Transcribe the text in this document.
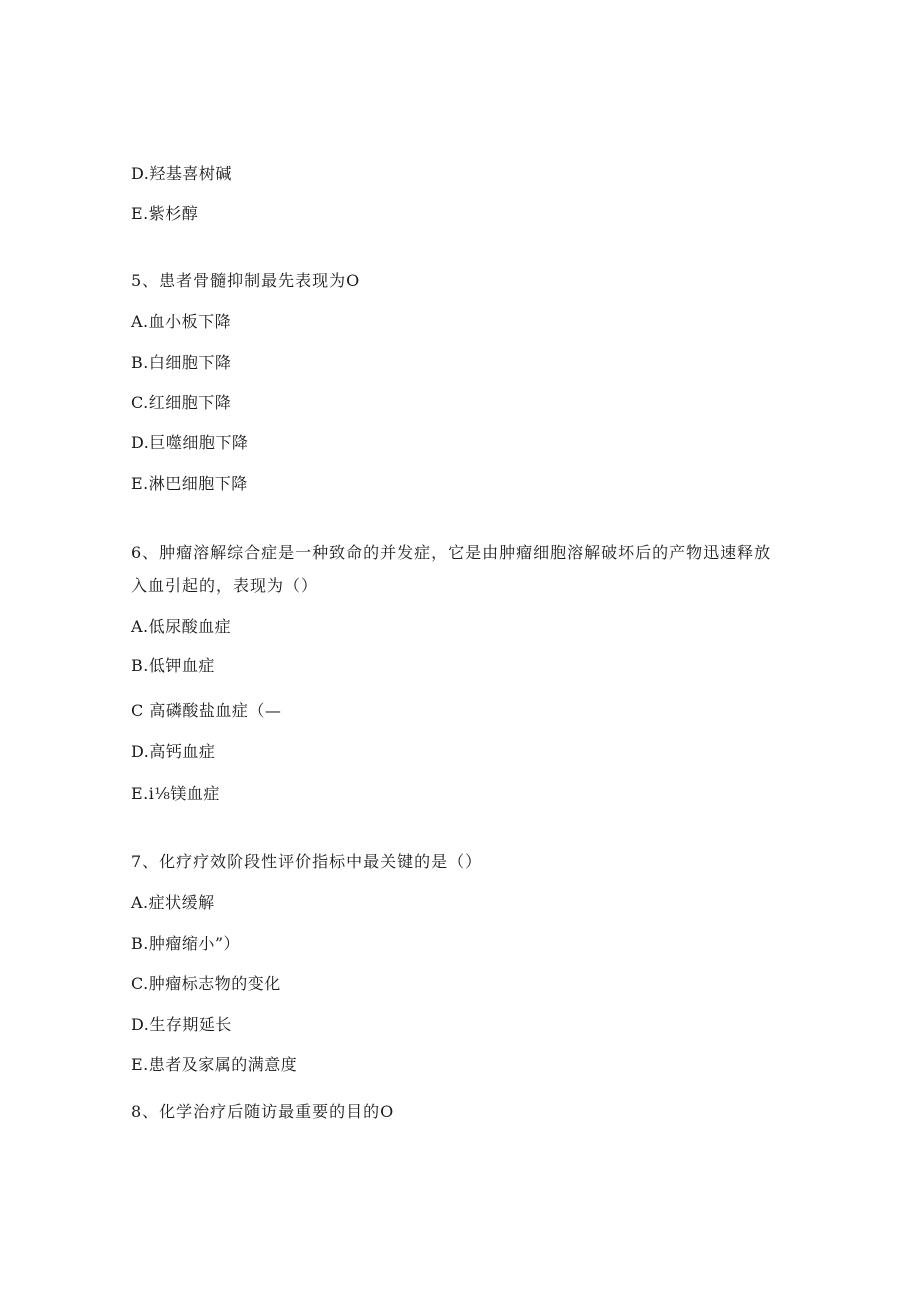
D.羟基喜树碱
E.紫杉醇
5、患者骨髓抑制最先表现为O
A.血小板下降
B.白细胞下降
C.红细胞下降
D.巨噬细胞下降
E.淋巴细胞下降
6、肿瘤溶解综合症是一种致命的并发症，它是由肿瘤细胞溶解破坏后的产物迅速释放
入血引起的，表现为（）
A.低尿酸血症
B.低钾血症
C 高磷酸盐血症（—
D.高钙血症
E.i⅛镁血症
7、化疗疗效阶段性评价指标中最关键的是（）
A.症状缓解
B.肿瘤缩小”）
C.肿瘤标志物的变化
D.生存期延长
E.患者及家属的满意度
8、化学治疗后随访最重要的目的O
